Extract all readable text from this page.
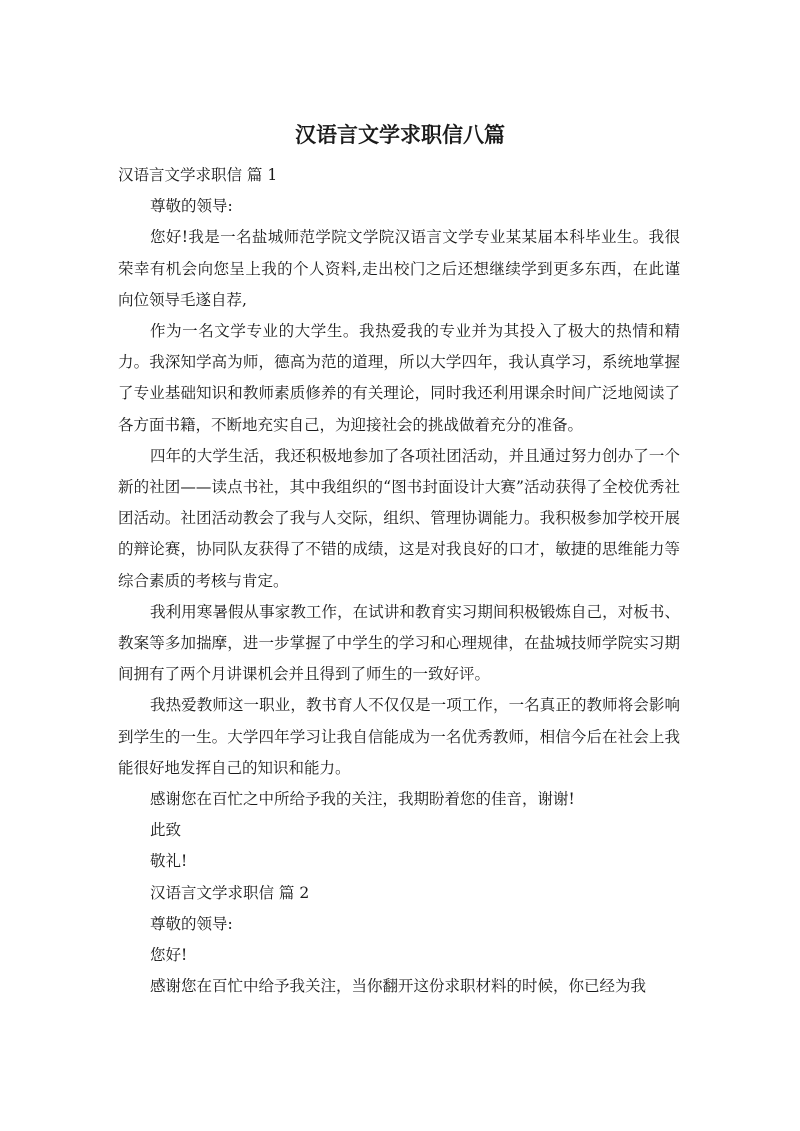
汉语言文学求职信八篇

汉语言文学求职信 篇 1

尊敬的领导:

您好!我是一名盐城师范学院文学院汉语言文学专业某某届本科毕业生。我很荣幸有机会向您呈上我的个人资料,走出校门之后还想继续学到更多东西，在此谨向位领导毛遂自荐,

作为一名文学专业的大学生。我热爱我的专业并为其投入了极大的热情和精力。我深知学高为师，德高为范的道理，所以大学四年，我认真学习，系统地掌握了专业基础知识和教师素质修养的有关理论，同时我还利用课余时间广泛地阅读了各方面书籍，不断地充实自己，为迎接社会的挑战做着充分的准备。

四年的大学生活，我还积极地参加了各项社团活动，并且通过努力创办了一个新的社团——读点书社，其中我组织的“图书封面设计大赛”活动获得了全校优秀社团活动。社团活动教会了我与人交际，组织、管理协调能力。我积极参加学校开展的辩论赛，协同队友获得了不错的成绩，这是对我良好的口才，敏捷的思维能力等综合素质的考核与肯定。

我利用寒暑假从事家教工作，在试讲和教育实习期间积极锻炼自己，对板书、教案等多加揣摩，进一步掌握了中学生的学习和心理规律，在盐城技师学院实习期间拥有了两个月讲课机会并且得到了师生的一致好评。

我热爱教师这一职业，教书育人不仅仅是一项工作，一名真正的教师将会影响到学生的一生。大学四年学习让我自信能成为一名优秀教师，相信今后在社会上我能很好地发挥自己的知识和能力。

感谢您在百忙之中所给予我的关注，我期盼着您的佳音，谢谢!

此致

敬礼!

汉语言文学求职信 篇 2

尊敬的领导:

您好!

感谢您在百忙中给予我关注，当你翻开这份求职材料的时候，你已经为我
